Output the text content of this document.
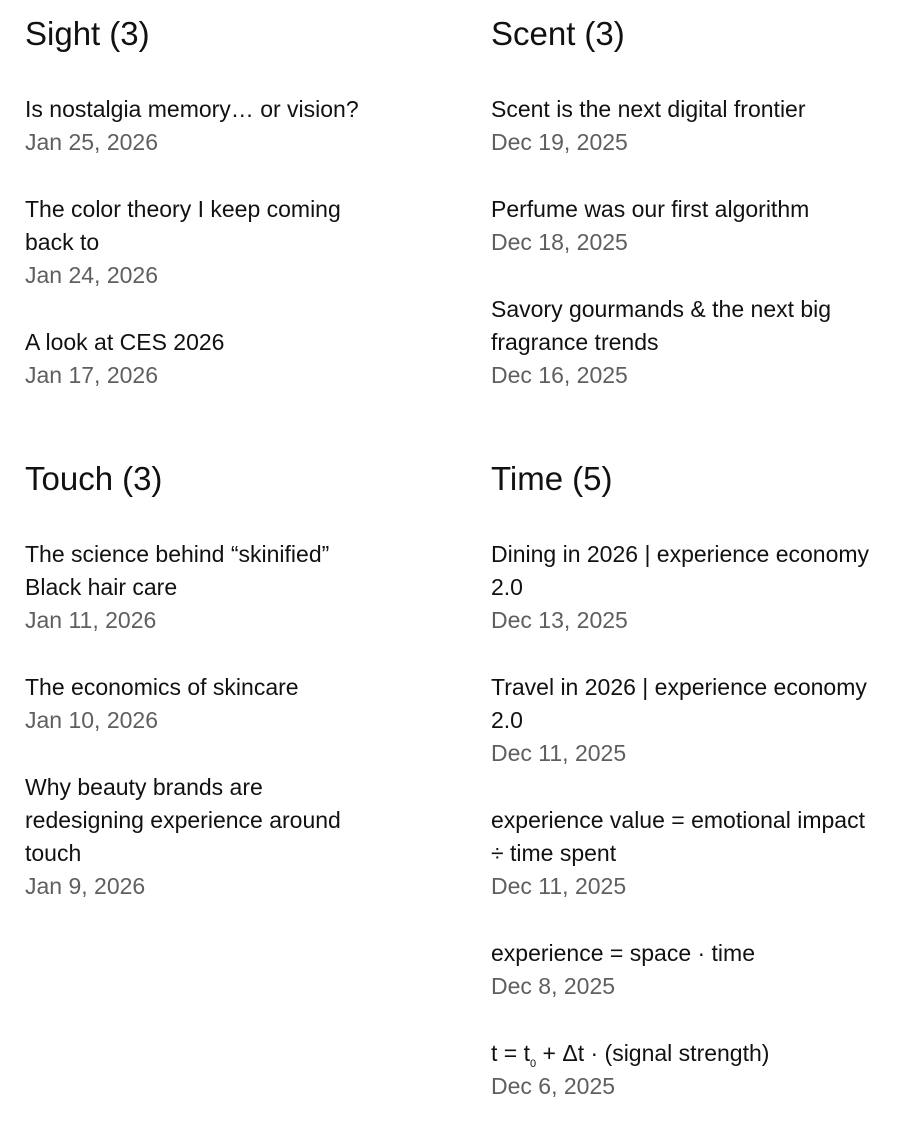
Sight ( 3 )
Is nostalgia memory… or vision?
Jan 25, 2026
The color theory I keep coming back to
Jan 24, 2026
A look at CES 2026
Jan 17, 2026
Scent ( 3 )
Scent is the next digital frontier
Dec 19, 2025
Perfume was our first algorithm
Dec 18, 2025
Savory gourmands & the next big fragrance trends
Dec 16, 2025
Touch ( 3 )
The science behind “skinified” Black hair care
Jan 11, 2026
The economics of skincare
Jan 10, 2026
Why beauty brands are redesigning experience around touch
Jan 9, 2026
Time ( 5 )
Dining in 2026 | experience economy 2.0
Dec 13, 2025
Travel in 2026 | experience economy 2.0
Dec 11, 2025
experience value = emotional impact ÷ time spent
Dec 11, 2025
experience = space · time
Dec 8, 2025
$t = t_0 + \Delta t$ · (signal strength)
Dec 6, 2025
